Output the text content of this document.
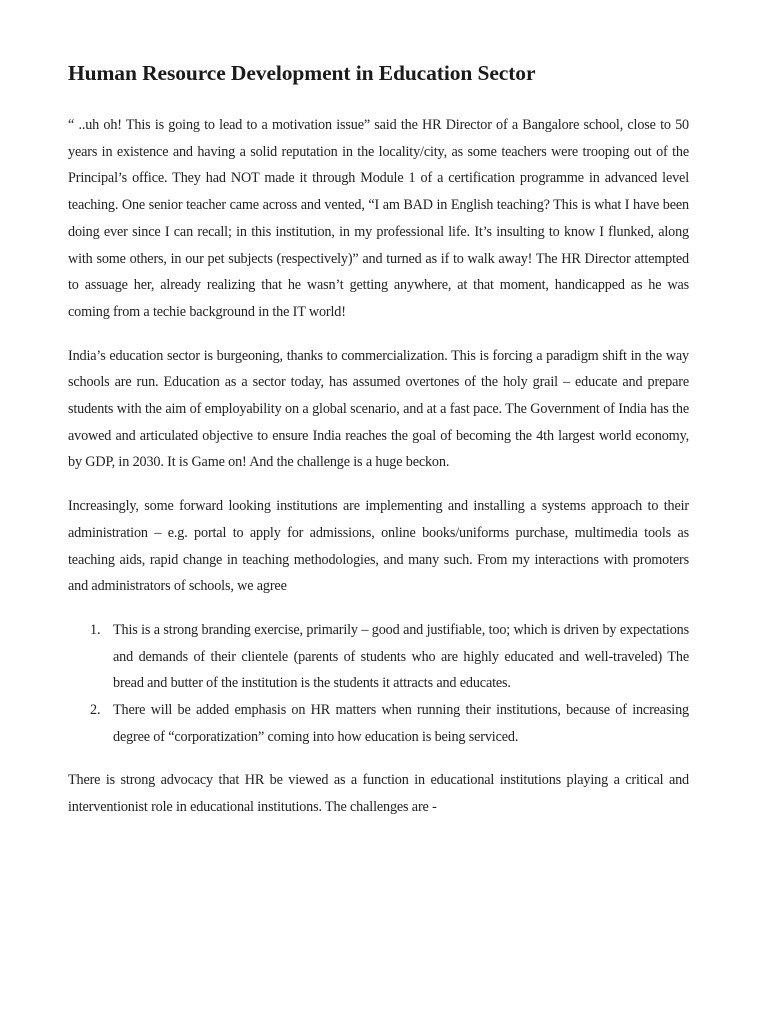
Human Resource Development in Education Sector

“ ..uh oh! This is going to lead to a motivation issue” said the HR Director of a Bangalore school, close to 50 years in existence and having a solid reputation in the locality/city, as some teachers were trooping out of the Principal’s office. They had NOT made it through Module 1 of a certification programme in advanced level teaching. One senior teacher came across and vented, “I am BAD in English teaching? This is what I have been doing ever since I can recall; in this institution, in my professional life. It’s insulting to know I flunked, along with some others, in our pet subjects (respectively)” and turned as if to walk away! The HR Director attempted to assuage her, already realizing that he wasn’t getting anywhere, at that moment, handicapped as he was coming from a techie background in the IT world!

India’s education sector is burgeoning, thanks to commercialization. This is forcing a paradigm shift in the way schools are run. Education as a sector today, has assumed overtones of the holy grail – educate and prepare students with the aim of employability on a global scenario, and at a fast pace. The Government of India has the avowed and articulated objective to ensure India reaches the goal of becoming the 4th largest world economy, by GDP, in 2030. It is Game on! And the challenge is a huge beckon.

Increasingly, some forward looking institutions are implementing and installing a systems approach to their administration – e.g. portal to apply for admissions, online books/uniforms purchase, multimedia tools as teaching aids, rapid change in teaching methodologies, and many such. From my interactions with promoters and administrators of schools, we agree

1. This is a strong branding exercise, primarily – good and justifiable, too; which is driven by expectations and demands of their clientele (parents of students who are highly educated and well-traveled) The bread and butter of the institution is the students it attracts and educates.
2. There will be added emphasis on HR matters when running their institutions, because of increasing degree of “corporatization” coming into how education is being serviced.

There is strong advocacy that HR be viewed as a function in educational institutions playing a critical and interventionist role in educational institutions. The challenges are -
